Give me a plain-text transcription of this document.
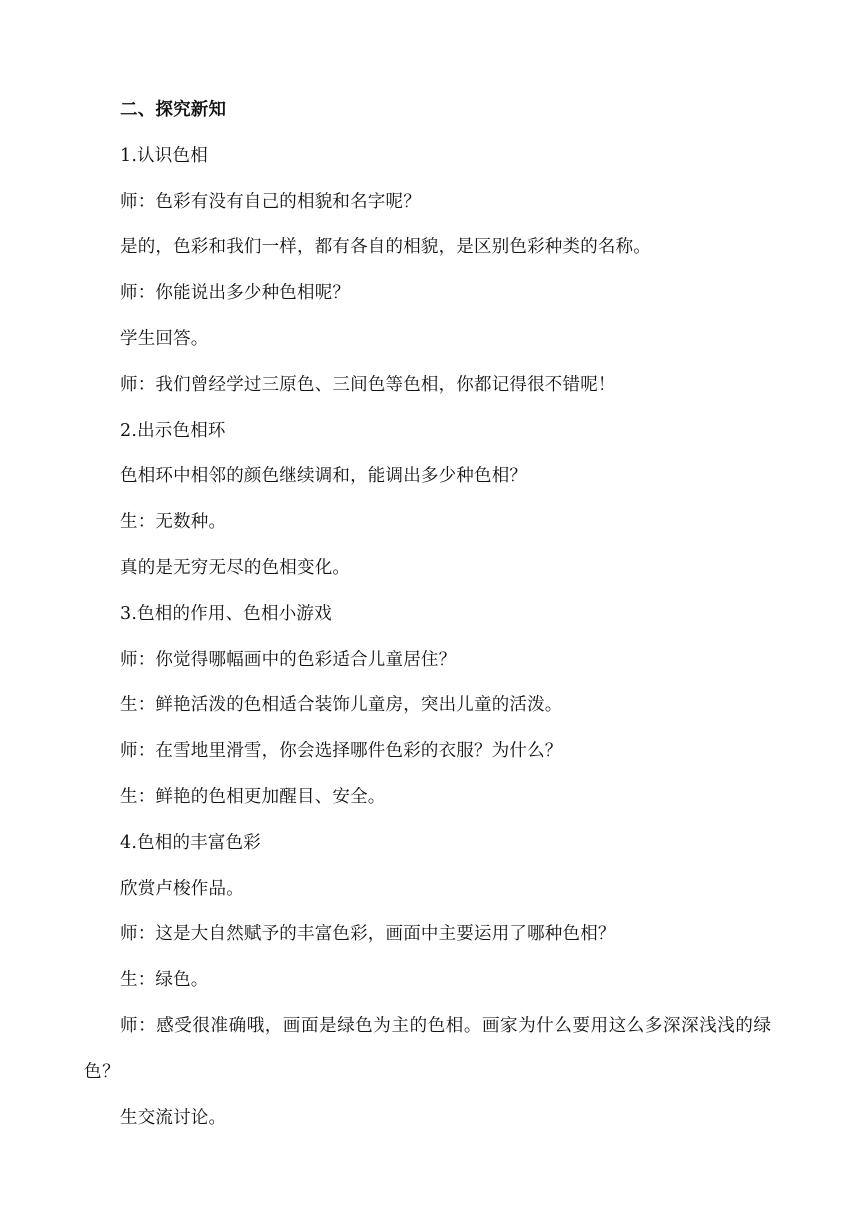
二、探究新知
1.认识色相
师：色彩有没有自己的相貌和名字呢？
是的，色彩和我们一样，都有各自的相貌，是区别色彩种类的名称。
师：你能说出多少种色相呢？
学生回答。
师：我们曾经学过三原色、三间色等色相，你都记得很不错呢！
2.出示色相环
色相环中相邻的颜色继续调和，能调出多少种色相？
生：无数种。
真的是无穷无尽的色相变化。
3.色相的作用、色相小游戏
师：你觉得哪幅画中的色彩适合儿童居住？
生：鲜艳活泼的色相适合装饰儿童房，突出儿童的活泼。
师：在雪地里滑雪，你会选择哪件色彩的衣服？为什么？
生：鲜艳的色相更加醒目、安全。
4.色相的丰富色彩
欣赏卢梭作品。
师：这是大自然赋予的丰富色彩，画面中主要运用了哪种色相？
生：绿色。
师：感受很准确哦，画面是绿色为主的色相。画家为什么要用这么多深深浅浅的绿色？
生交流讨论。
